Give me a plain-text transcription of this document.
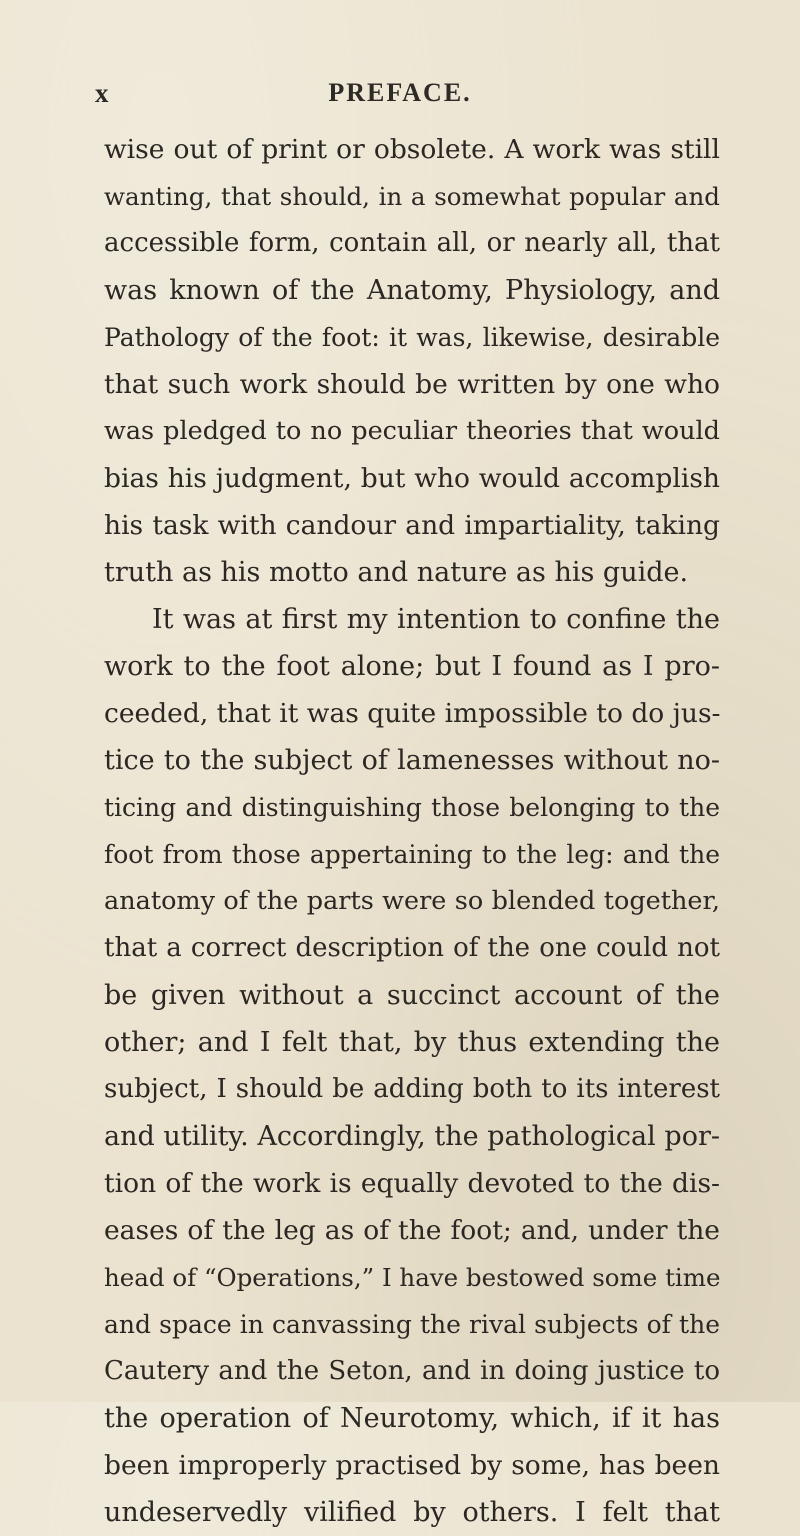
x	PREFACE.
wise out of print or obsolete. A work was still
wanting, that should, in a somewhat popular and
accessible form, contain all, or nearly all, that
was known of the Anatomy, Physiology, and
Pathology of the foot: it was, likewise, desirable
that such work should be written by one who
was pledged to no peculiar theories that would
bias his judgment, but who would accomplish
his task with candour and impartiality, taking
truth as his motto and nature as his guide.
It was at first my intention to confine the
work to the foot alone; but I found as I pro-
ceeded, that it was quite impossible to do jus-
tice to the subject of lamenesses without no-
ticing and distinguishing those belonging to the
foot from those appertaining to the leg: and the
anatomy of the parts were so blended together,
that a correct description of the one could not
be given without a succinct account of the
other; and I felt that, by thus extending the
subject, I should be adding both to its interest
and utility. Accordingly, the pathological por-
tion of the work is equally devoted to the dis-
eases of the leg as of the foot; and, under the
head of “Operations,” I have bestowed some time
and space in canvassing the rival subjects of the
Cautery and the Seton, and in doing justice to
the operation of Neurotomy, which, if it has
been improperly practised by some, has been
undeservedly vilified by others. I felt that
